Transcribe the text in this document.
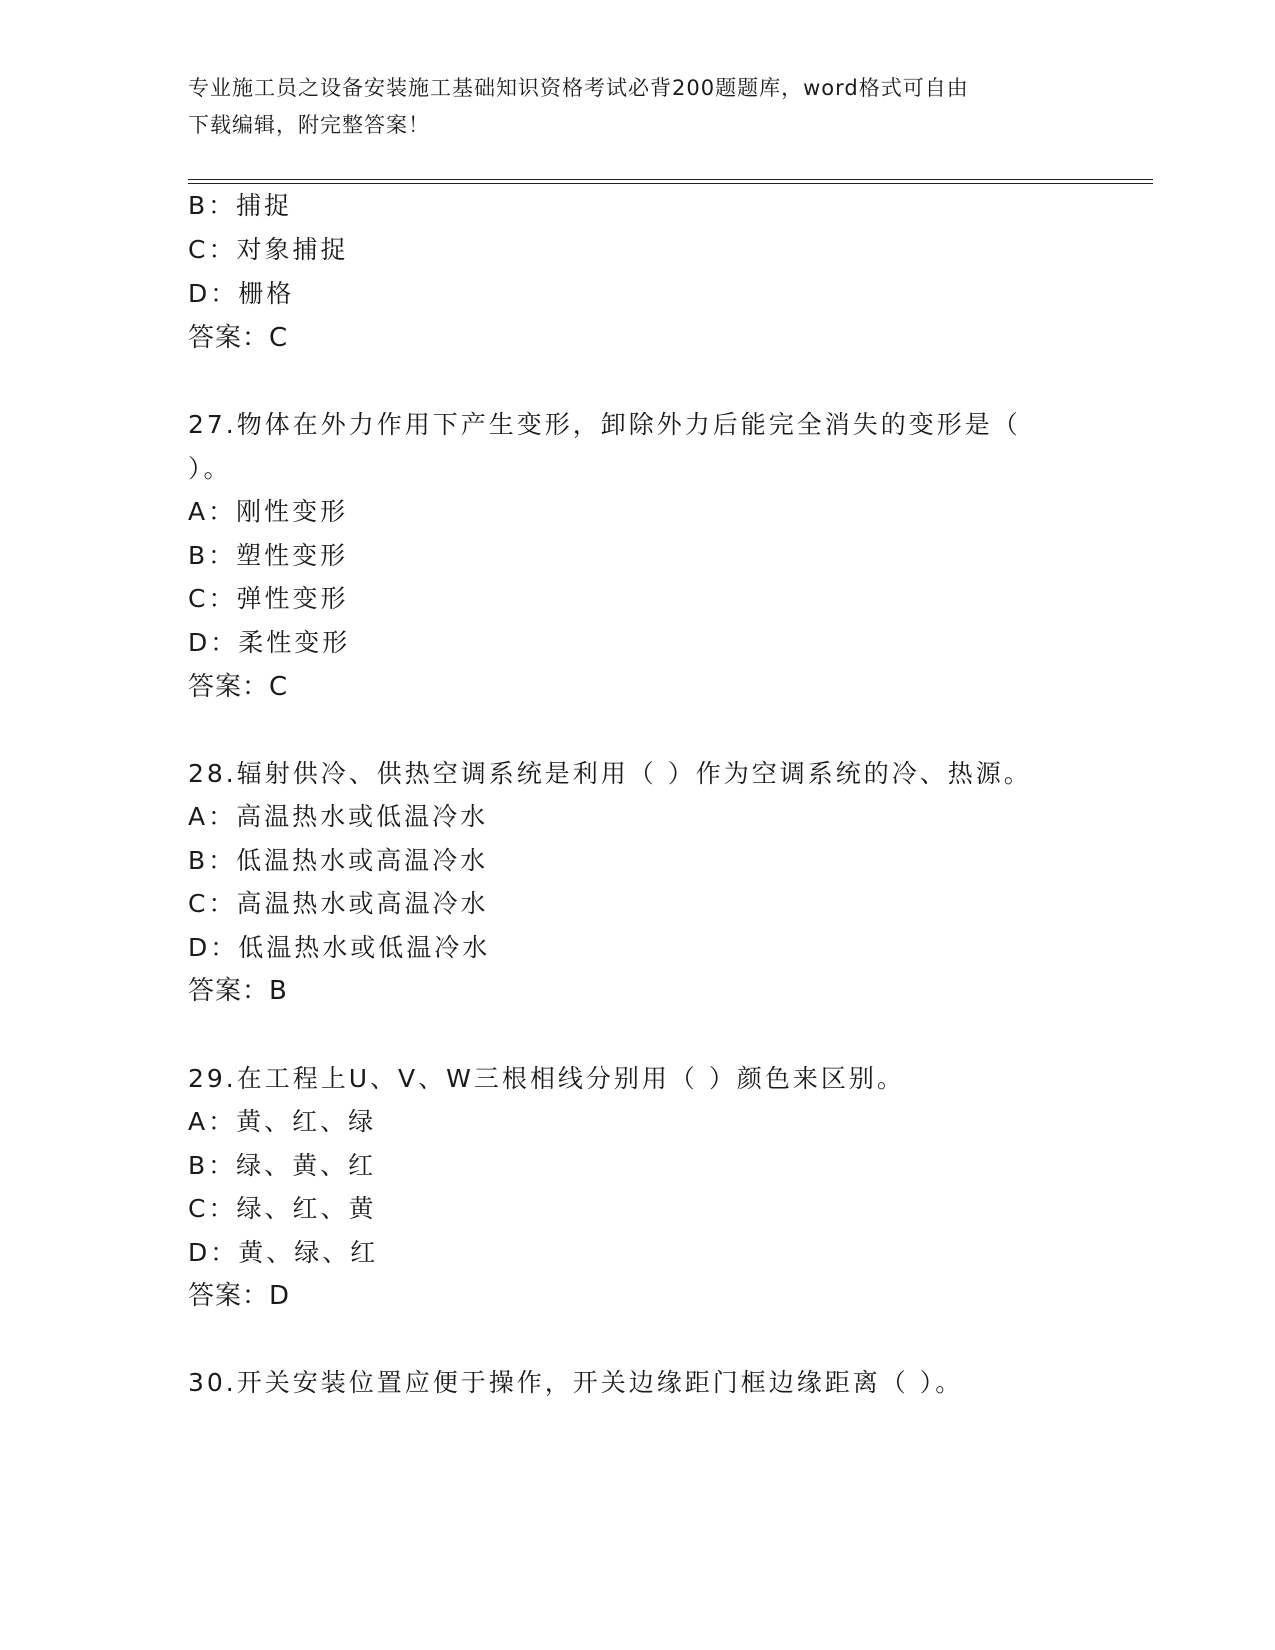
专业施工员之设备安装施工基础知识资格考试必背200题题库，word格式可自由
下载编辑，附完整答案！
B：捕捉
C：对象捕捉
D：栅格
答案：C
27.物体在外力作用下产生变形，卸除外力后能完全消失的变形是（
）。
A：刚性变形
B：塑性变形
C：弹性变形
D：柔性变形
答案：C
28.辐射供冷、供热空调系统是利用（ ）作为空调系统的冷、热源。
A：高温热水或低温冷水
B：低温热水或高温冷水
C：高温热水或高温冷水
D：低温热水或低温冷水
答案：B
29.在工程上U、V、W三根相线分别用（ ）颜色来区别。
A：黄、红、绿
B：绿、黄、红
C：绿、红、黄
D：黄、绿、红
答案：D
30.开关安装位置应便于操作，开关边缘距门框边缘距离（ ）。
